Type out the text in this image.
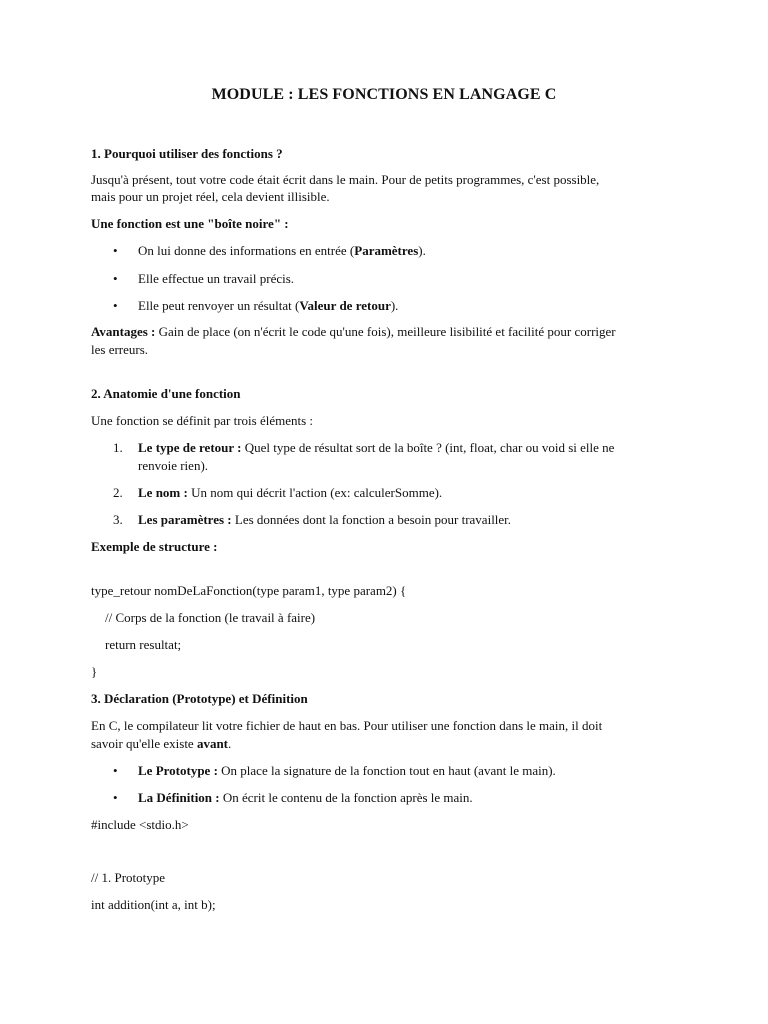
MODULE : LES FONCTIONS EN LANGAGE C
1. Pourquoi utiliser des fonctions ?
Jusqu'à présent, tout votre code était écrit dans le main. Pour de petits programmes, c'est possible,
mais pour un projet réel, cela devient illisible.
Une fonction est une "boîte noire" :
•	On lui donne des informations en entrée (Paramètres).
•	Elle effectue un travail précis.
•	Elle peut renvoyer un résultat (Valeur de retour).
Avantages : Gain de place (on n'écrit le code qu'une fois), meilleure lisibilité et facilité pour corriger
les erreurs.
2. Anatomie d'une fonction
Une fonction se définit par trois éléments :
1.	Le type de retour : Quel type de résultat sort de la boîte ? (int, float, char ou void si elle ne
renvoie rien).
2.	Le nom : Un nom qui décrit l'action (ex: calculerSomme).
3.	Les paramètres : Les données dont la fonction a besoin pour travailler.
Exemple de structure :
type_retour nomDeLaFonction(type param1, type param2) {
// Corps de la fonction (le travail à faire)
return resultat;
}
3. Déclaration (Prototype) et Définition
En C, le compilateur lit votre fichier de haut en bas. Pour utiliser une fonction dans le main, il doit
savoir qu'elle existe avant.
•	Le Prototype : On place la signature de la fonction tout en haut (avant le main).
•	La Définition : On écrit le contenu de la fonction après le main.
#include <stdio.h>
// 1. Prototype
int addition(int a, int b);
